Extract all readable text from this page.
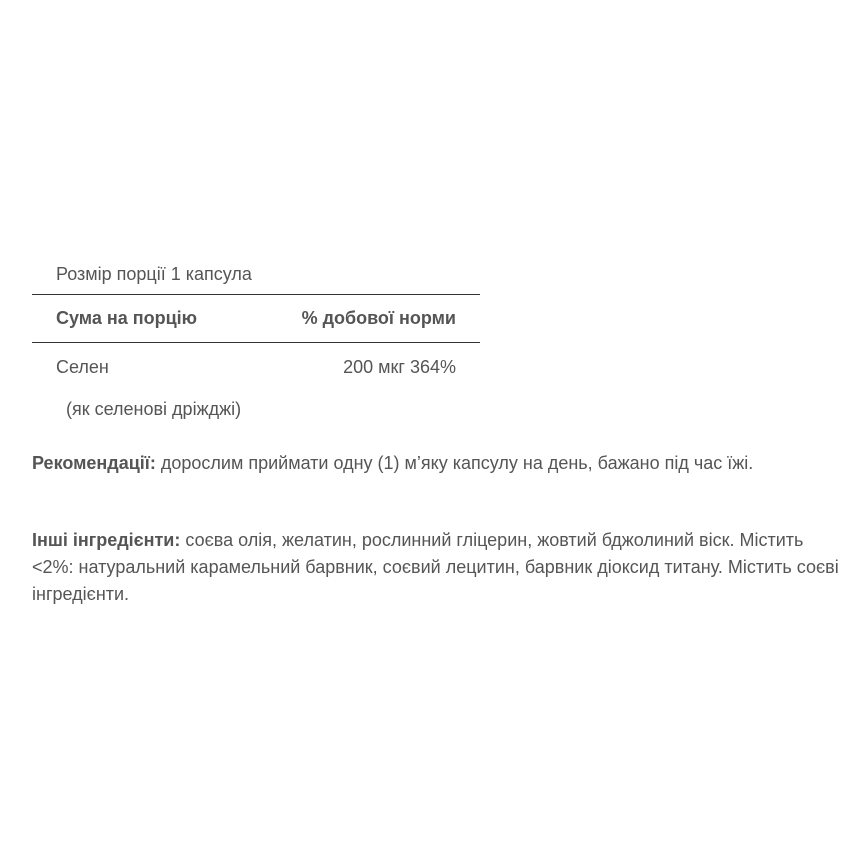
Розмір порції 1 капсула
Сума на порцію	% добової норми
Селен	200 мкг 364%
(як селенові дріжджі)
Рекомендації: дорослим приймати одну (1) м’яку капсулу на день, бажано під час їжі.
Інші інгредієнти: соєва олія, желатин, рослинний гліцерин, жовтий бджолиний віск. Містить <2%: натуральний карамельний барвник, соєвий лецитин, барвник діоксид титану. Містить соєві інгредієнти.
